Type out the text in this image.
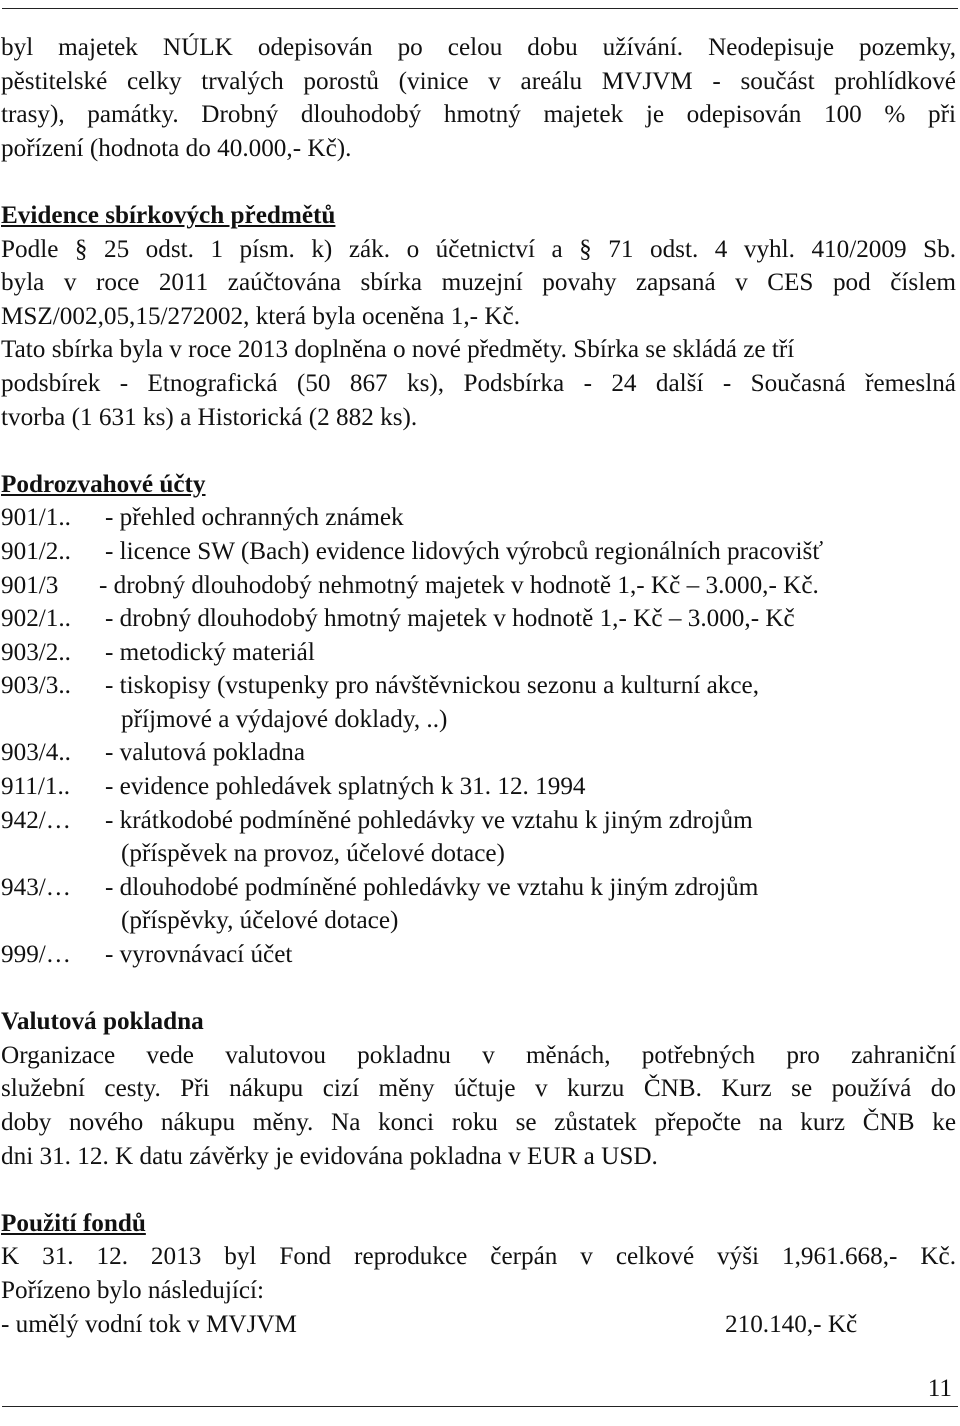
byl majetek NÚLK odepisován po celou dobu užívání. Neodepisuje pozemky,
pěstitelské celky trvalých porostů (vinice v areálu MVJVM - součást prohlídkové
trasy), památky. Drobný dlouhodobý hmotný majetek je odepisován 100 % při
pořízení (hodnota do 40.000,- Kč).
Evidence sbírkových předmětů
Podle § 25 odst. 1 písm. k) zák. o účetnictví a § 71 odst. 4 vyhl. 410/2009 Sb.
byla v roce 2011 zaúčtována sbírka muzejní povahy zapsaná v CES pod číslem
MSZ/002,05,15/272002, která byla oceněna 1,- Kč.
Tato sbírka byla v roce 2013 doplněna o nové předměty. Sbírka se skládá ze tří
podsbírek - Etnografická (50 867 ks), Podsbírka - 24 další - Současná řemeslná
tvorba (1 631 ks) a Historická (2 882 ks).
Podrozvahové účty
901/1..	- přehled ochranných známek
901/2..	- licence SW (Bach) evidence lidových výrobců regionálních pracovišť
901/3	- drobný dlouhodobý nehmotný majetek v hodnotě 1,- Kč – 3.000,- Kč.
902/1..	- drobný dlouhodobý hmotný majetek v hodnotě 1,- Kč – 3.000,- Kč
903/2..	- metodický materiál
903/3..	- tiskopisy (vstupenky pro návštěvnickou sezonu a kulturní akce,
příjmové a výdajové doklady, ..)
903/4..	- valutová pokladna
911/1..	- evidence pohledávek splatných k 31. 12. 1994
942/…	- krátkodobé podmíněné pohledávky ve vztahu k jiným zdrojům
(příspěvek na provoz, účelové dotace)
943/…	- dlouhodobé podmíněné pohledávky ve vztahu k jiným zdrojům
(příspěvky, účelové dotace)
999/…	- vyrovnávací účet
Valutová pokladna
Organizace vede valutovou pokladnu v měnách, potřebných pro zahraniční
služební cesty. Při nákupu cizí měny účtuje v kurzu ČNB. Kurz se používá do
doby nového nákupu měny. Na konci roku se zůstatek přepočte na kurz ČNB ke
dni 31. 12. K datu závěrky je evidována pokladna v EUR a USD.
Použití fondů
K 31. 12. 2013 byl Fond reprodukce čerpán v celkové výši 1,961.668,- Kč.
Pořízeno bylo následující:
- umělý vodní tok v MVJVM	210.140,- Kč
11
